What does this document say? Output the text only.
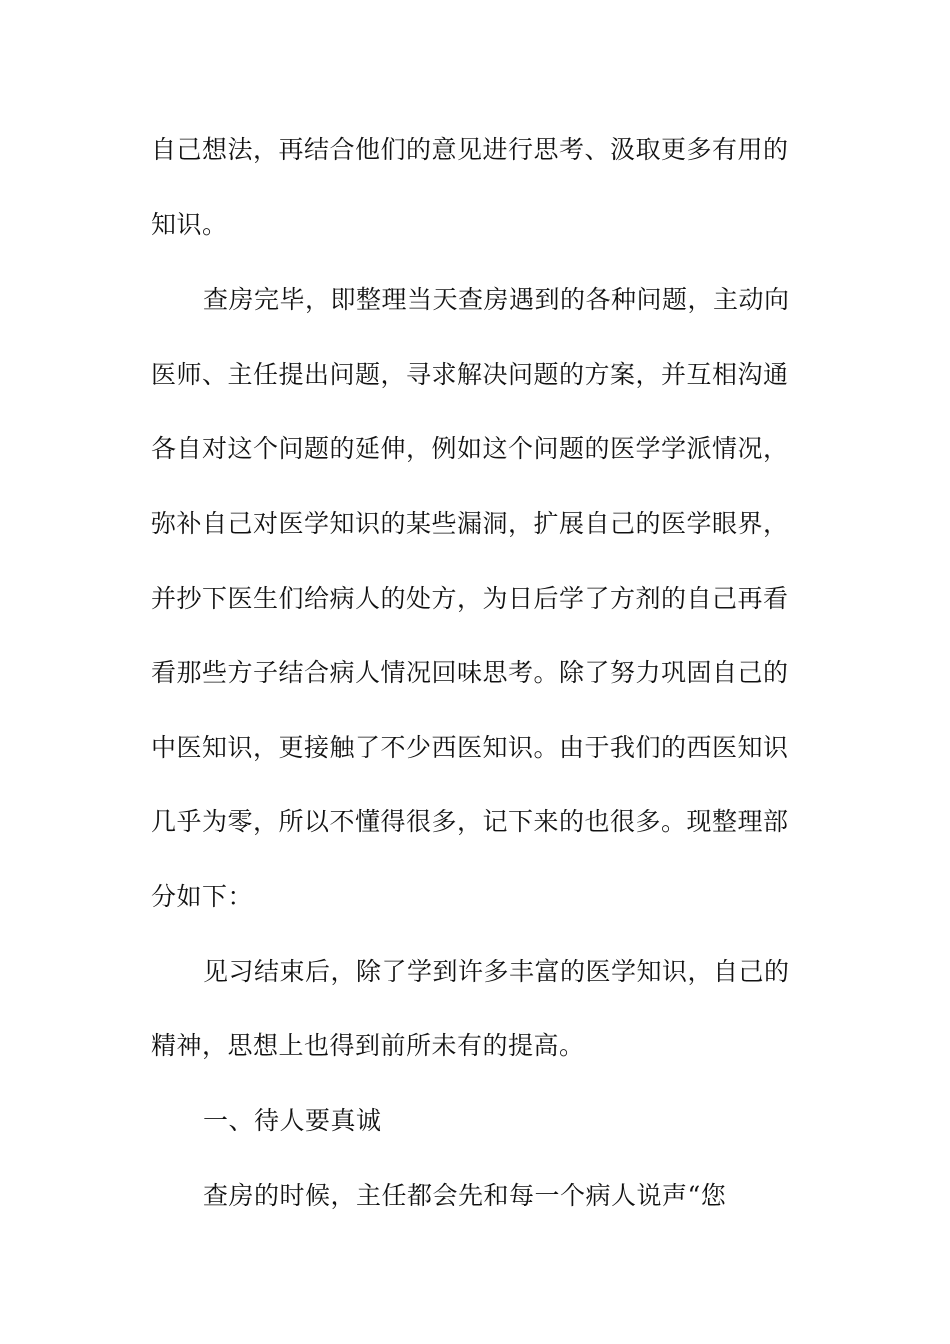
自己想法，再结合他们的意见进行思考、汲取更多有用的
知识。
查房完毕，即整理当天查房遇到的各种问题，主动向
医师、主任提出问题，寻求解决问题的方案，并互相沟通
各自对这个问题的延伸，例如这个问题的医学学派情况，
弥补自己对医学知识的某些漏洞，扩展自己的医学眼界，
并抄下医生们给病人的处方，为日后学了方剂的自己再看
看那些方子结合病人情况回味思考。除了努力巩固自己的
中医知识，更接触了不少西医知识。由于我们的西医知识
几乎为零，所以不懂得很多，记下来的也很多。现整理部
分如下：
见习结束后，除了学到许多丰富的医学知识，自己的
精神，思想上也得到前所未有的提高。
一、待人要真诚
查房的时候，主任都会先和每一个病人说声“您
